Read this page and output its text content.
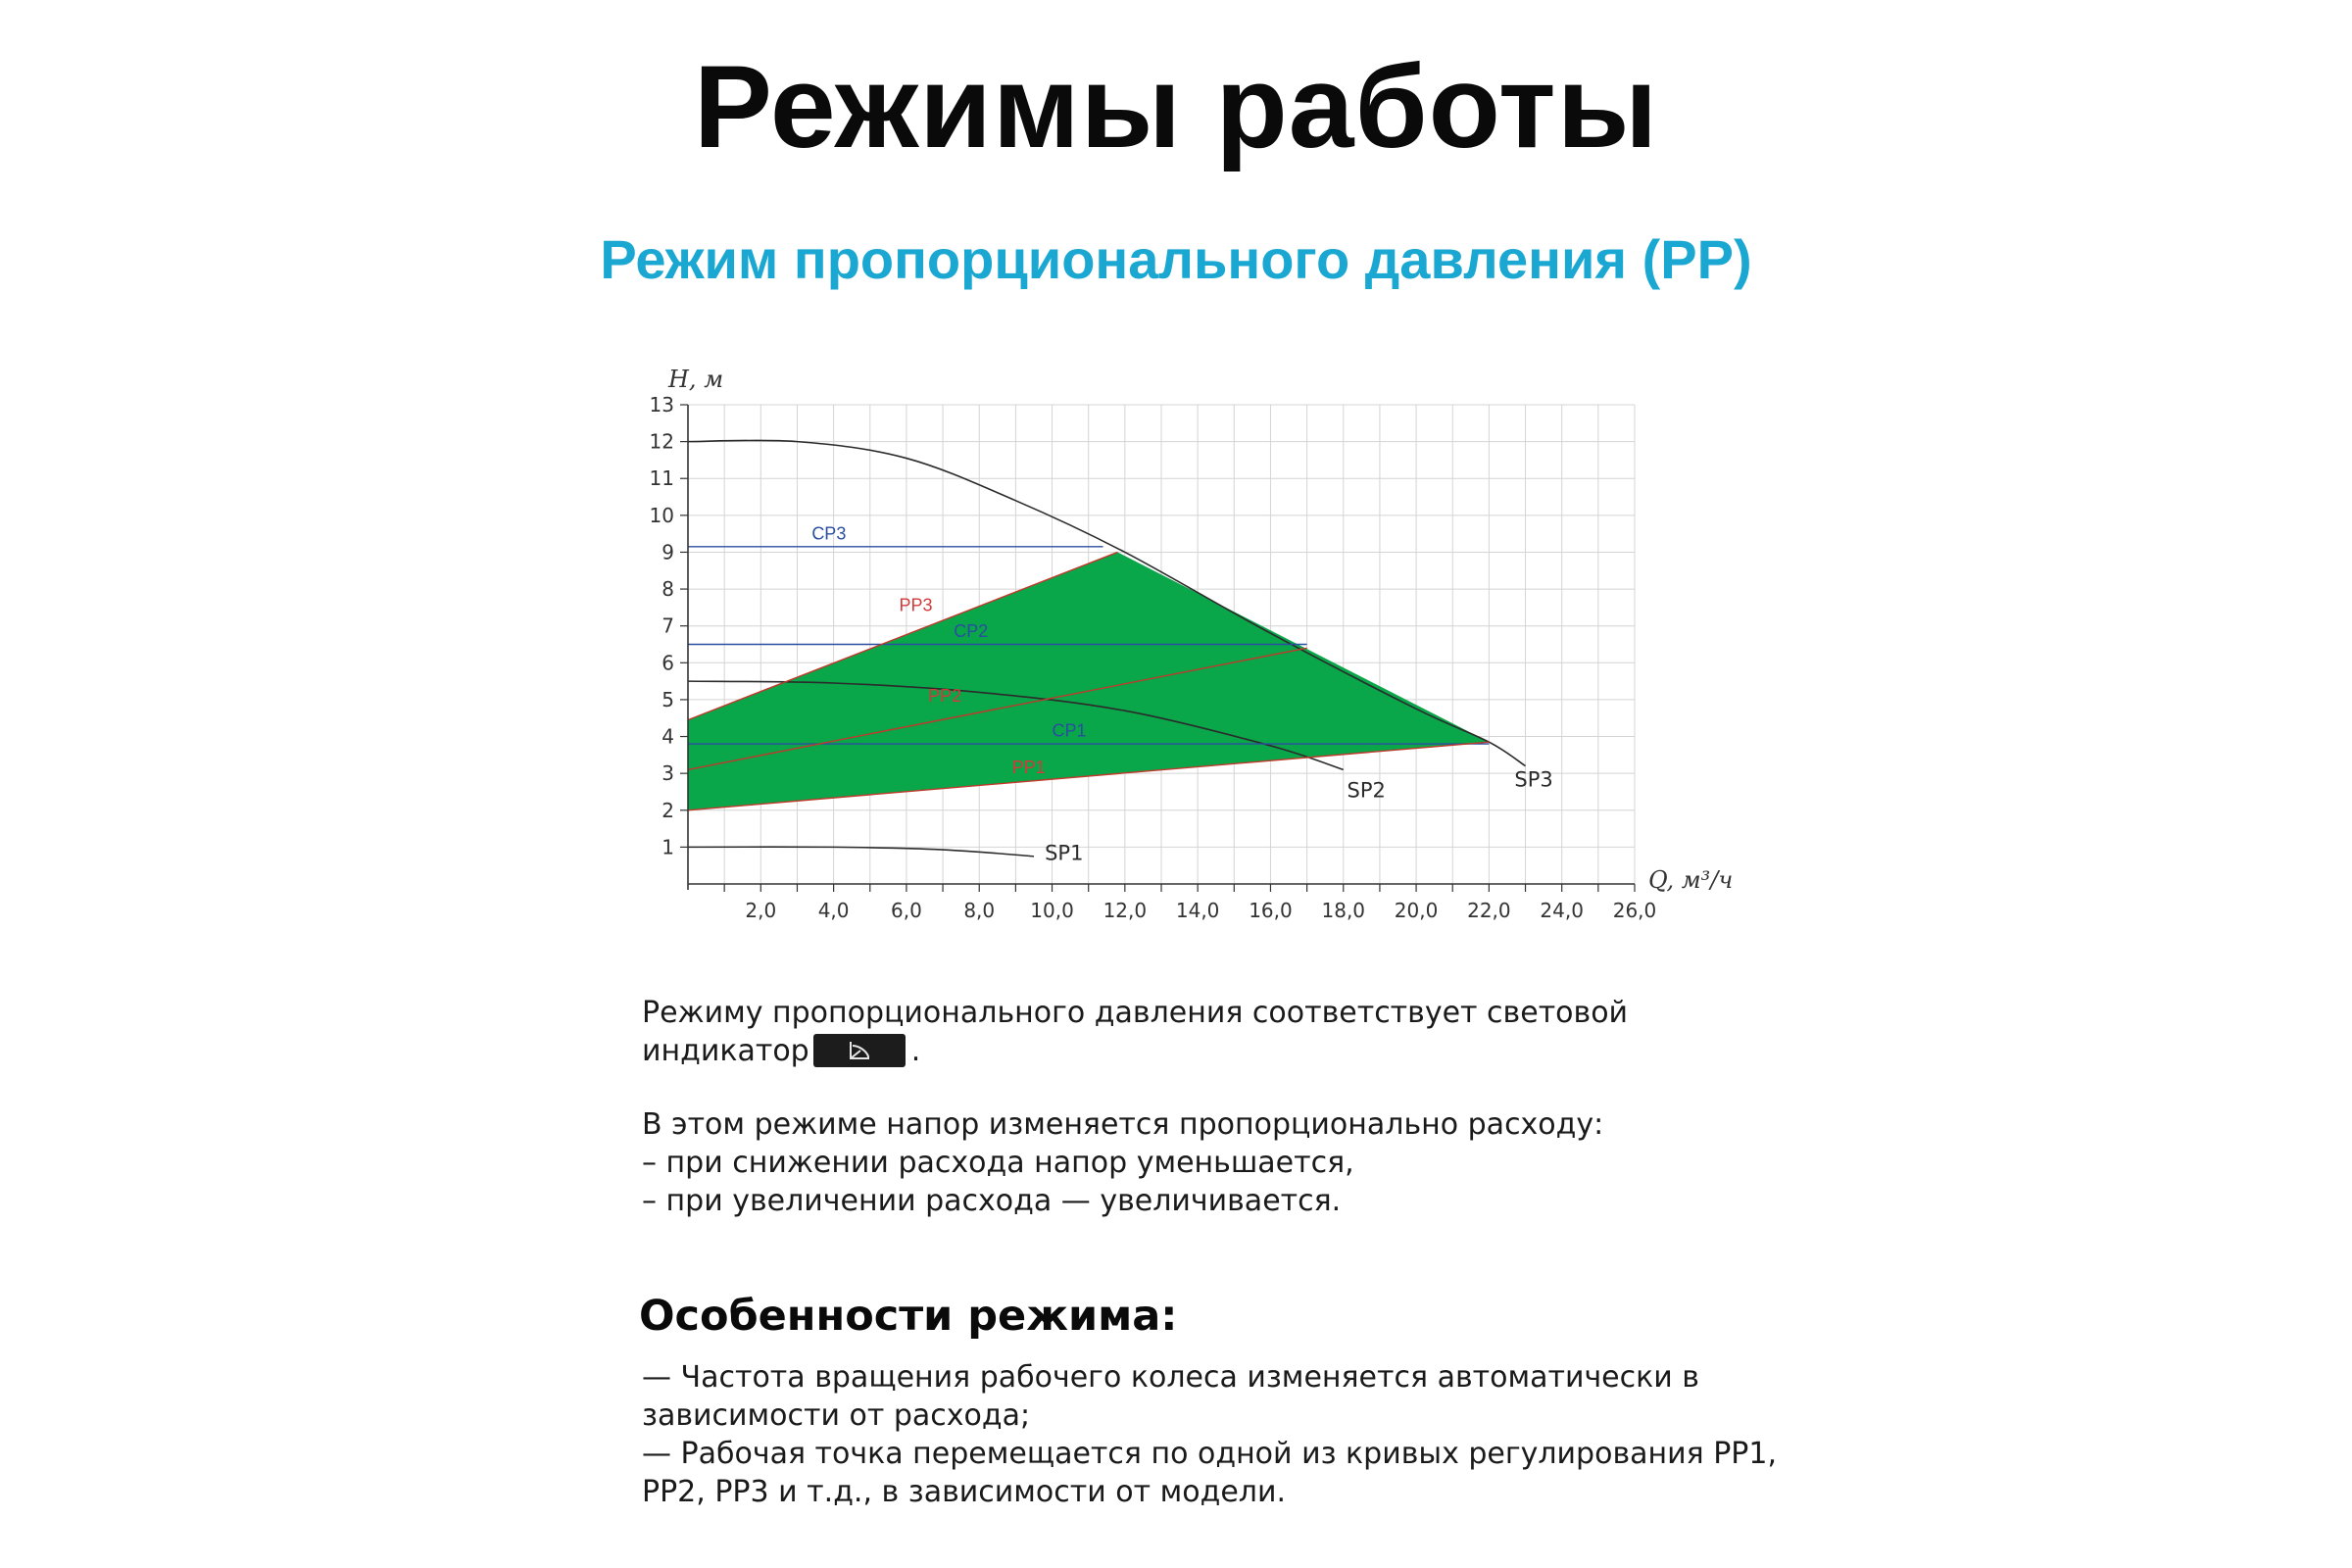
Режимы работы
Режим пропорционального давления (PP)
SP1
SP2	SP3
CP1
CP2
CP3
PP1
PP2
PP3
2,0 4,0 6,0 8,0 10,0 12,0 14,0 16,0 18,0 20,0 22,0 24,0 26,0
1
2
3
4
5
6
7
8
9
10
11
12
13
H, м
Q, м³/ч
Режиму пропорционального давления соответствует световой
индикатор	.
В этом режиме напор изменяется пропорционально расходу:
– при снижении расхода напор уменьшается,
– при увеличении расхода — увеличивается.
Особенности режима:
— Частота вращения рабочего колеса изменяется автоматически в
зависимости от расхода;
— Рабочая точка перемещается по одной из кривых регулирования PP1,
PP2, PP3 и т.д., в зависимости от модели.
